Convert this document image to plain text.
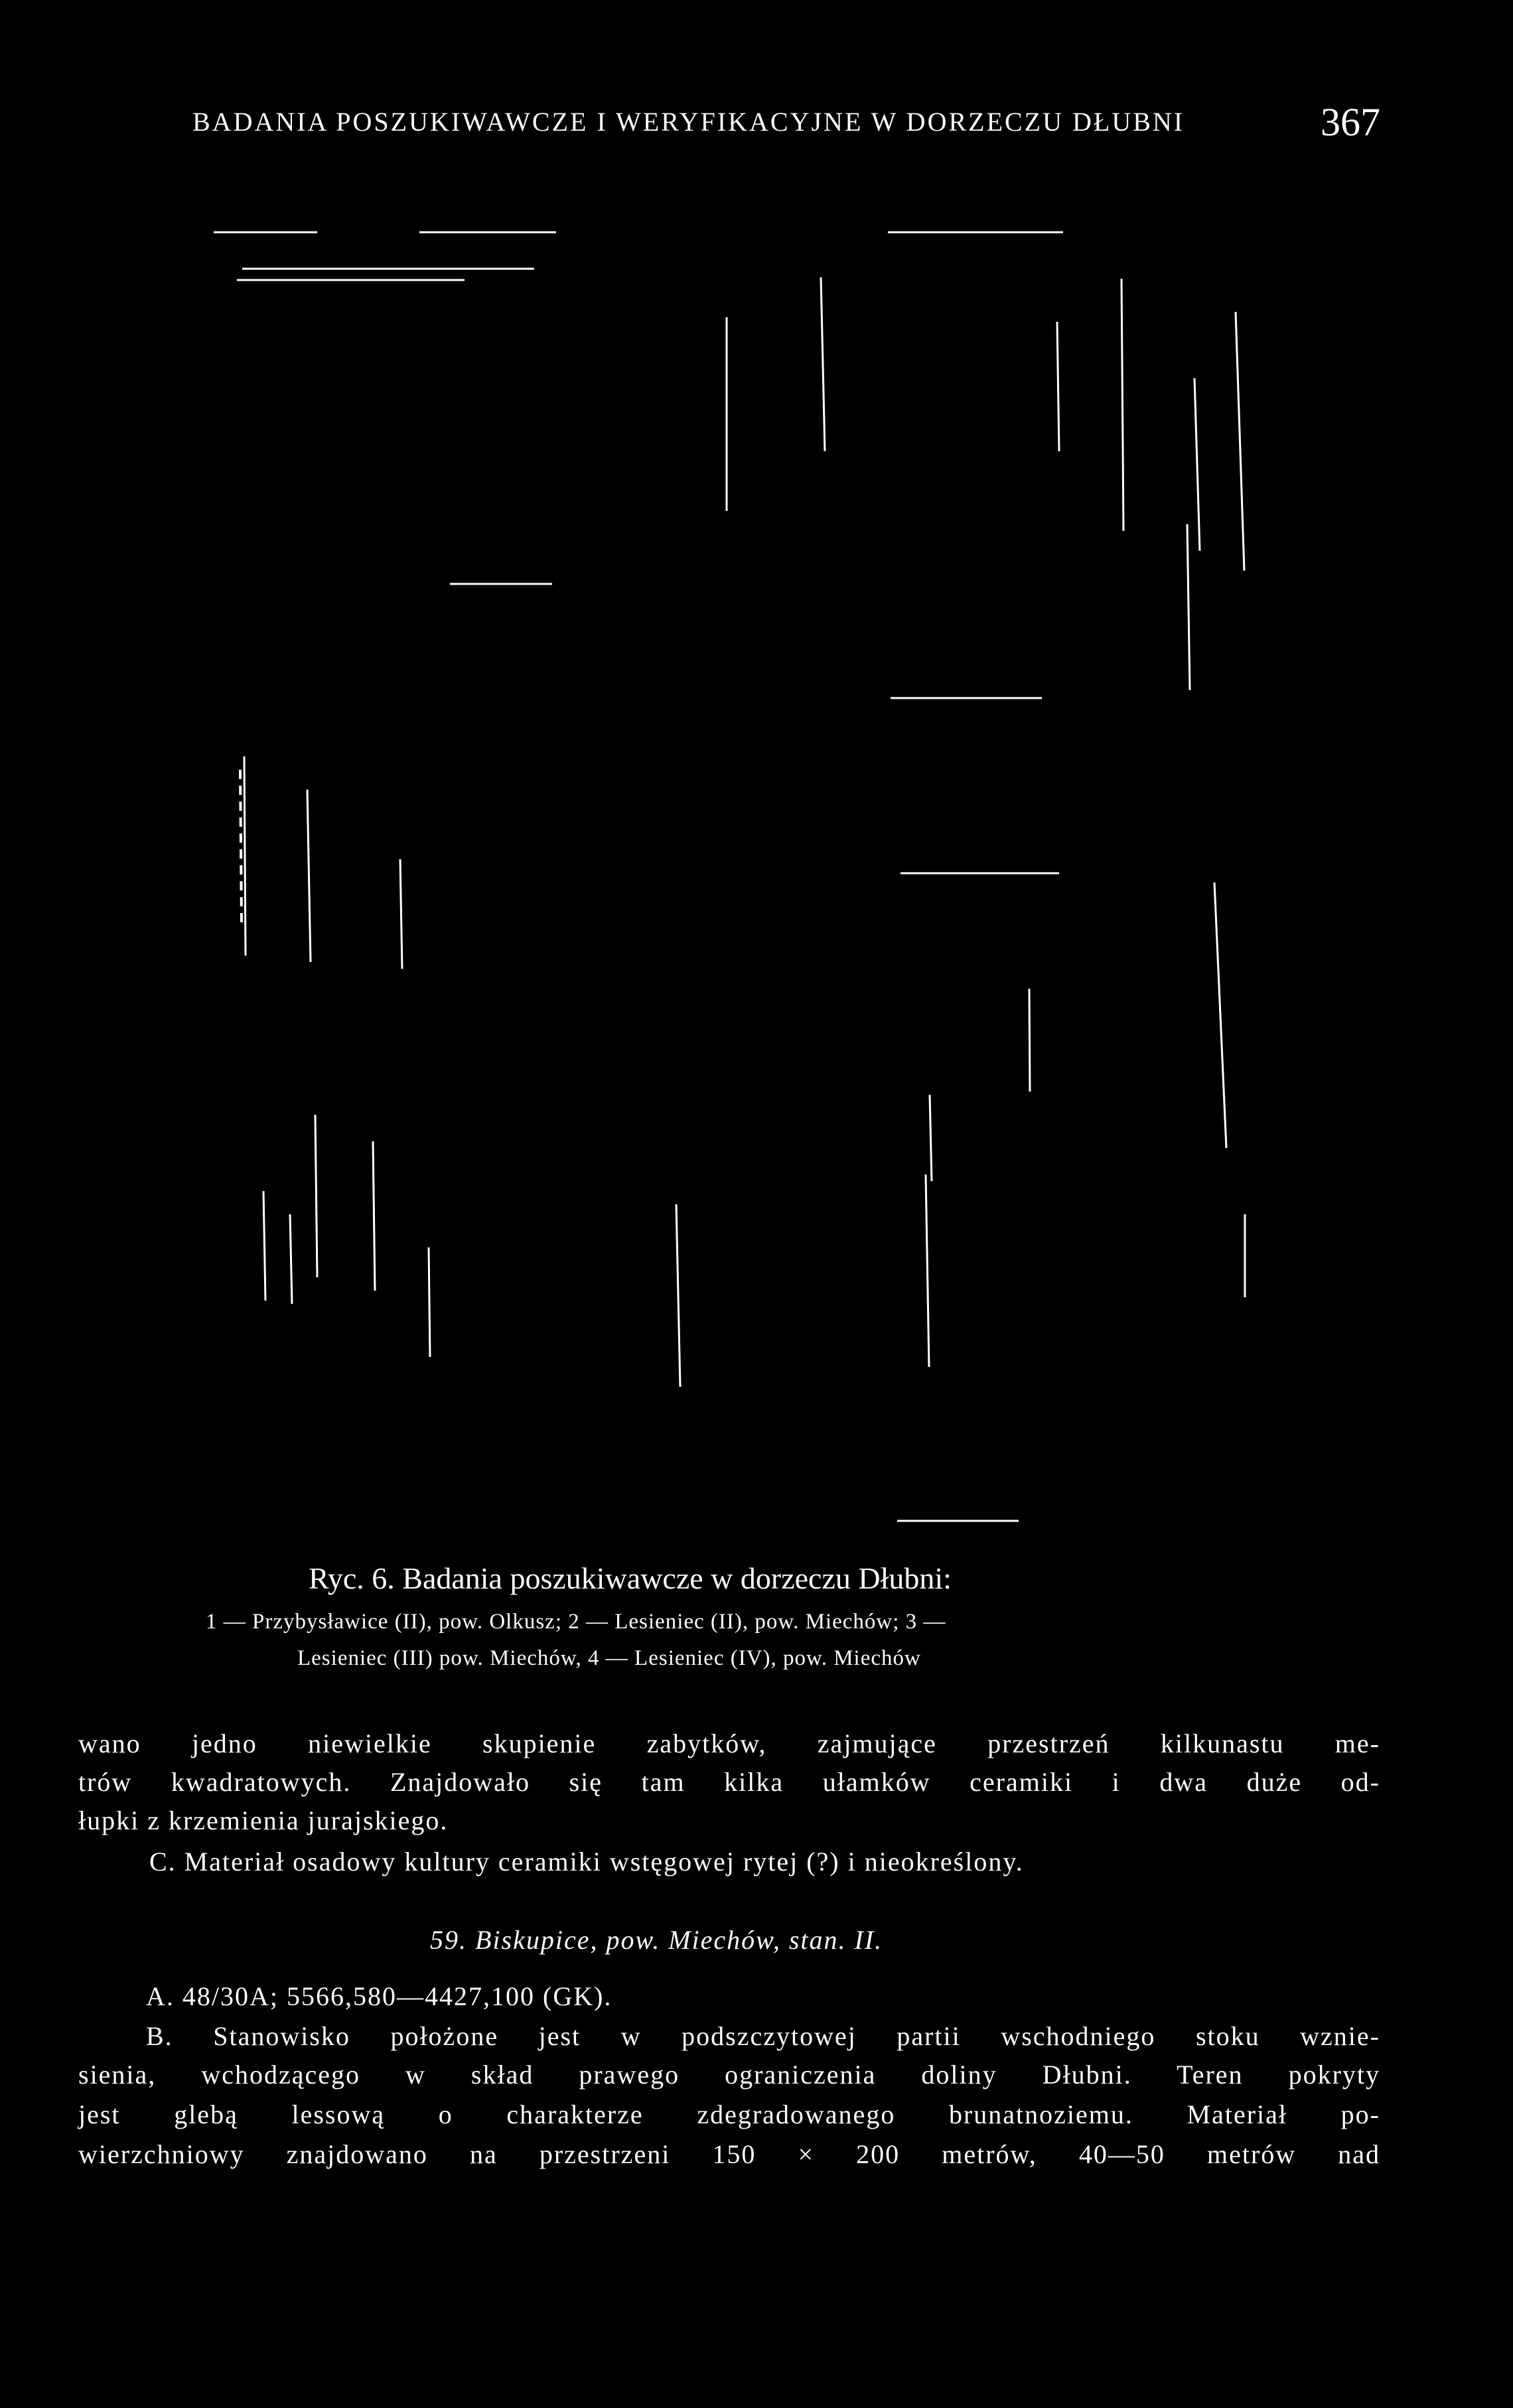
BADANIA POSZUKIWAWCZE I WERYFIKACYJNE W DORZECZU DŁUBNI	367
Ryc. 6. Badania poszukiwawcze w dorzeczu Dłubni:
1 — Przybysławice (II), pow. Olkusz; 2 — Lesieniec (II), pow. Miechów; 3 —
Lesieniec (III) pow. Miechów, 4 — Lesieniec (IV), pow. Miechów
wano jedno niewielkie skupienie zabytków, zajmujące przestrzeń kilkunastu me-
trów kwadratowych. Znajdowało się tam kilka ułamków ceramiki i dwa duże od-
łupki z krzemienia jurajskiego.
C. Materiał osadowy kultury ceramiki wstęgowej rytej (?) i nieokreślony.
59. Biskupice, pow. Miechów, stan. II.
A. 48/30A; 5566,580—4427,100 (GK).
B. Stanowisko położone jest w podszczytowej partii wschodniego stoku wznie-
sienia, wchodzącego w skład prawego ograniczenia doliny Dłubni. Teren pokryty
jest glebą lessową o charakterze zdegradowanego brunatnoziemu. Materiał po-
wierzchniowy znajdowano na przestrzeni 150 × 200 metrów, 40—50 metrów nad
